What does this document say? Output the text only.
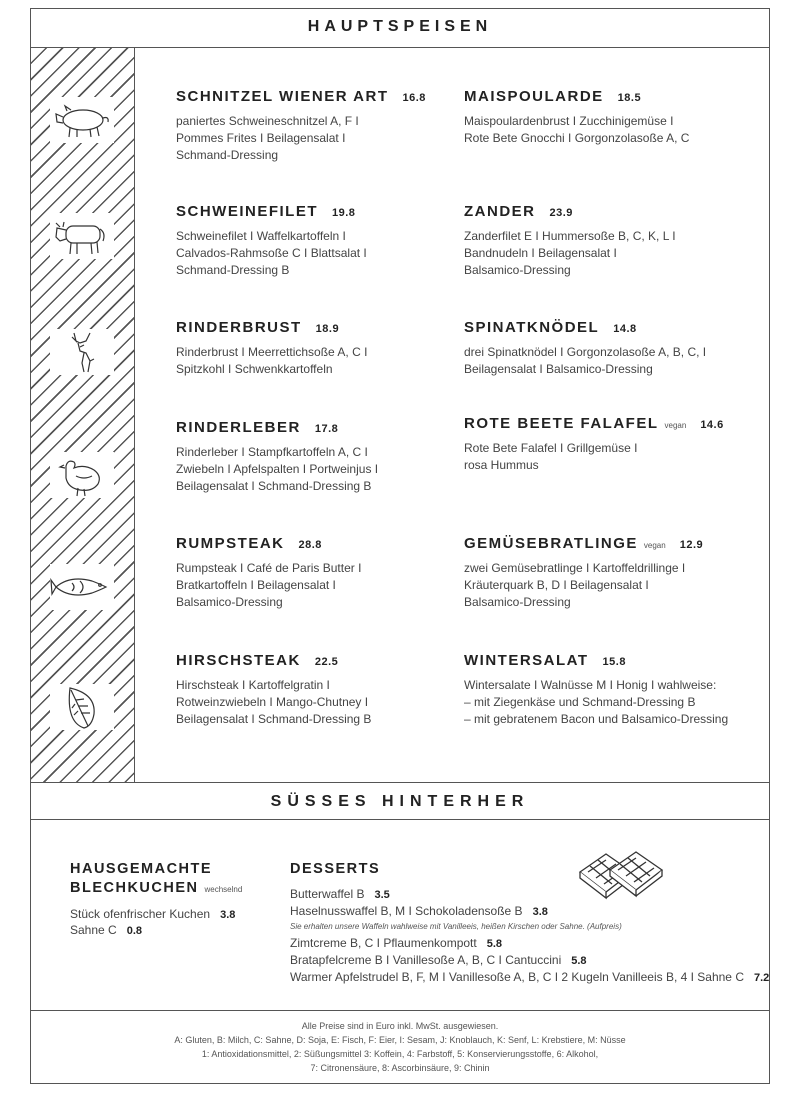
HAUPTSPEISEN
SCHNITZEL WIENER ART 16.8

paniertes Schweineschnitzel A, F I
Pommes Frites I Beilagensalat I
Schmand-Dressing

SCHWEINEFILET 19.8

Schweinefilet I Waffelkartoffeln I
Calvados-Rahmsoße C I Blattsalat I
Schmand-Dressing B

RINDERBRUST 18.9

Rinderbrust I Meerrettichsoße A, C I
Spitzkohl I Schwenkkartoffeln

RINDERLEBER 17.8

Rinderleber I Stampfkartoffeln A, C I
Zwiebeln I Apfelspalten I Portweinjus I
Beilagensalat I Schmand-Dressing B

RUMPSTEAK 28.8

Rumpsteak I Café de Paris Butter I
Bratkartoffeln I Beilagensalat I
Balsamico-Dressing

HIRSCHSTEAK 22.5

Hirschsteak I Kartoffelgratin I
Rotweinzwiebeln I Mango-Chutney I
Beilagensalat I Schmand-Dressing B

MAISPOULARDE 18.5

Maispoulardenbrust I Zucchinigemüse I
Rote Bete Gnocchi I Gorgonzolasoße A, C

ZANDER 23.9

Zanderfilet E I Hummersoße B, C, K, L I
Bandnudeln I Beilagensalat I
Balsamico-Dressing

SPINATKNÖDEL 14.8

drei Spinatknödel I Gorgonzolasoße A, B, C, I
Beilagensalat I Balsamico-Dressing

ROTE BEETE FALAFEL vegan 14.6

Rote Bete Falafel I Grillgemüse I
rosa Hummus

GEMÜSEBRATLINGE vegan 12.9

zwei Gemüsebratlinge I Kartoffeldrillinge I
Kräuterquark B, D I Beilagensalat I
Balsamico-Dressing

WINTERSALAT 15.8

Wintersalate I Walnüsse M I Honig I wahlweise:
– mit Ziegenkäse und Schmand-Dressing B
– mit gebratenem Bacon und Balsamico-Dressing

SÜSSES HINTERHER
HAUSGEMACHTE
BLECHKUCHEN wechselnd
Stück ofenfrischer Kuchen 3.8
Sahne C 0.8
DESSERTS
Butterwaffel B 3.5
Haselnusswaffel B, M I Schokoladensoße B 3.8
Sie erhalten unsere Waffeln wahlweise mit Vanilleeis, heißen Kirschen oder Sahne. (Aufpreis)
Zimtcreme B, C I Pflaumenkompott 5.8
Bratapfelcreme B I Vanillesoße A, B, C I Cantuccini 5.8
Warmer Apfelstrudel B, F, M I Vanillesoße A, B, C I 2 Kugeln Vanilleeis B, 4 I Sahne C 7.2
Alle Preise sind in Euro inkl. MwSt. ausgewiesen.
A: Gluten, B: Milch, C: Sahne, D: Soja, E: Fisch, F: Eier, I: Sesam, J: Knoblauch, K: Senf, L: Krebstiere, M: Nüsse
1: Antioxidationsmittel, 2: Süßungsmittel 3: Koffein, 4: Farbstoff, 5: Konservierungsstoffe, 6: Alkohol,
7: Citronensäure, 8: Ascorbinsäure, 9: Chinin
